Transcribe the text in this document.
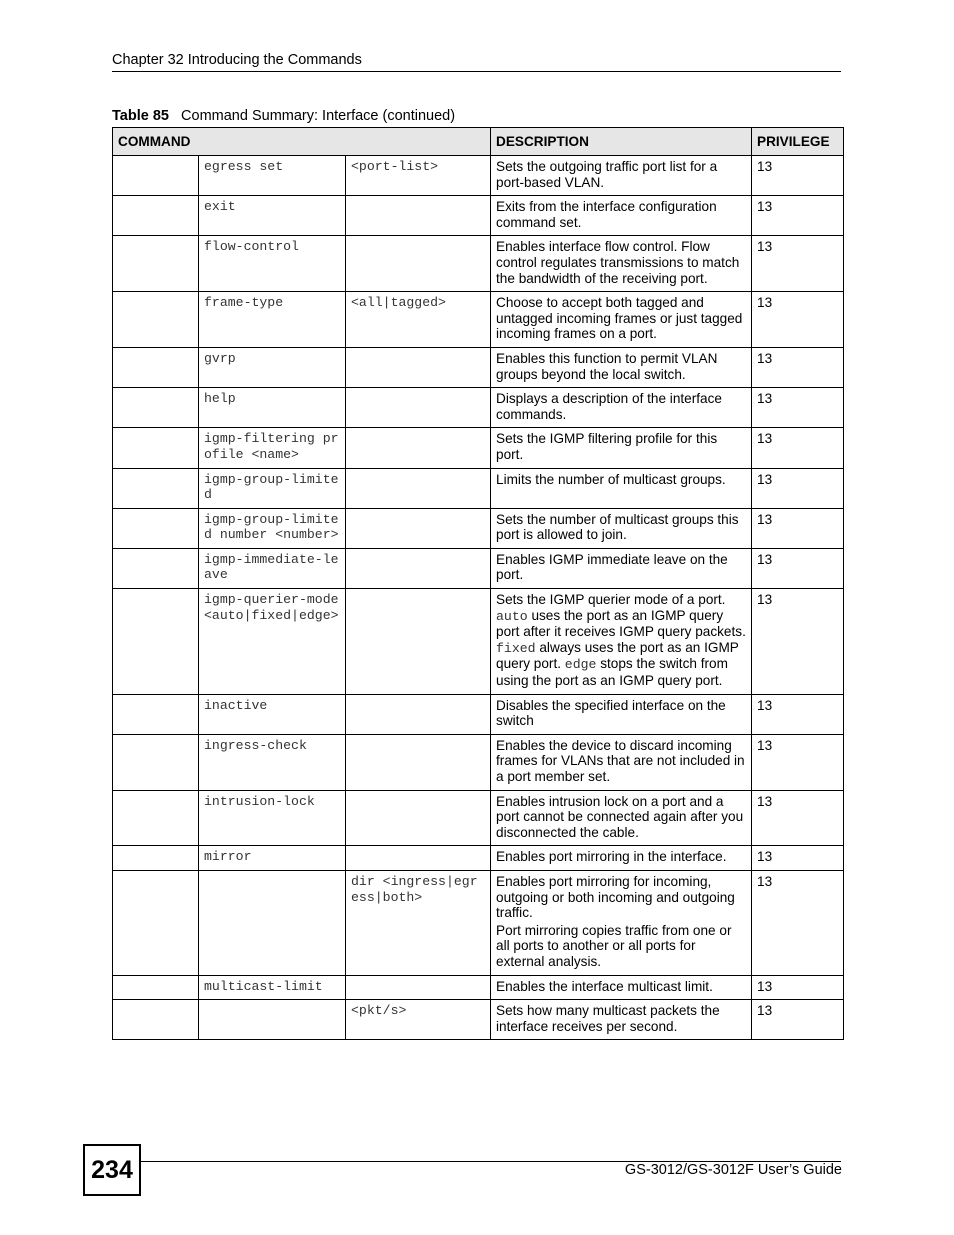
Chapter 32 Introducing the Commands
Table 85 Command Summary: Interface (continued)
COMMAND			DESCRIPTION	PRIVILEGE
	egress set	<port-list>	Sets the outgoing traffic port list for a port-based VLAN.	13
	exit		Exits from the interface configuration command set.	13
	flow-control		Enables interface flow control. Flow control regulates transmissions to match the bandwidth of the receiving port.	13
	frame-type	<all|tagged>	Choose to accept both tagged and untagged incoming frames or just tagged incoming frames on a port.	13
	gvrp		Enables this function to permit VLAN groups beyond the local switch.	13
	help		Displays a description of the interface commands.	13
	igmp-filtering profile <name>		Sets the IGMP filtering profile for this port.	13
	igmp-group-limited		Limits the number of multicast groups.	13
	igmp-group-limited number <number>		Sets the number of multicast groups this port is allowed to join.	13
	igmp-immediate-leave		Enables IGMP immediate leave on the port.	13
	igmp-querier-mode <auto|fixed|edge>		Sets the IGMP querier mode of a port. auto uses the port as an IGMP query port after it receives IGMP query packets. fixed always uses the port as an IGMP query port. edge stops the switch from using the port as an IGMP query port.	13
	inactive		Disables the specified interface on the switch	13
	ingress-check		Enables the device to discard incoming frames for VLANs that are not included in a port member set.	13
	intrusion-lock		Enables intrusion lock on a port and a port cannot be connected again after you disconnected the cable.	13
	mirror		Enables port mirroring in the interface.	13
		dir <ingress|egress|both>	Enables port mirroring for incoming, outgoing or both incoming and outgoing traffic.

Port mirroring copies traffic from one or all ports to another or all ports for external analysis.	13
	multicast-limit		Enables the interface multicast limit.	13
		<pkt/s>	Sets how many multicast packets the interface receives per second.	13
234	GS-3012/GS-3012F User’s Guide
